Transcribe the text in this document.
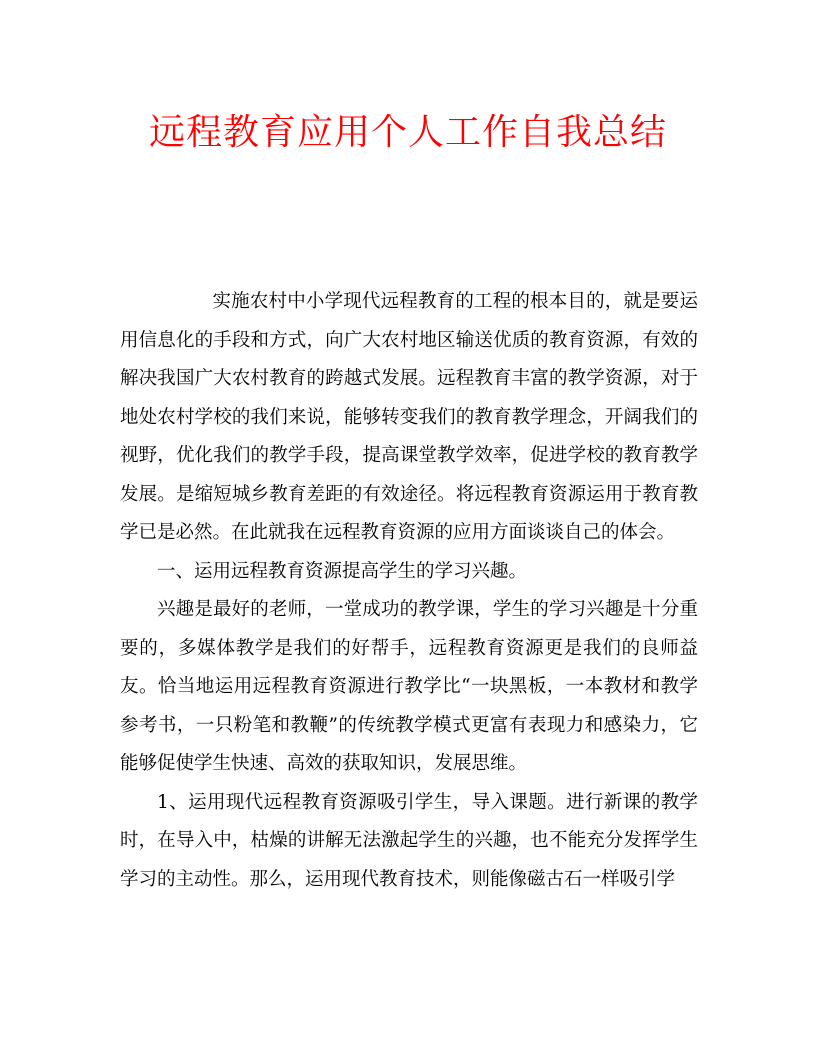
远程教育应用个人工作自我总结

实施农村中小学现代远程教育的工程的根本目的，就是要运用信息化的手段和方式，向广大农村地区输送优质的教育资源，有效的解决我国广大农村教育的跨越式发展。远程教育丰富的教学资源，对于地处农村学校的我们来说，能够转变我们的教育教学理念，开阔我们的视野，优化我们的教学手段，提高课堂教学效率，促进学校的教育教学发展。是缩短城乡教育差距的有效途径。将远程教育资源运用于教育教学已是必然。在此就我在远程教育资源的应用方面谈谈自己的体会。

一、运用远程教育资源提高学生的学习兴趣。

兴趣是最好的老师，一堂成功的教学课，学生的学习兴趣是十分重要的，多媒体教学是我们的好帮手，远程教育资源更是我们的良师益友。恰当地运用远程教育资源进行教学比“一块黑板，一本教材和教学参考书，一只粉笔和教鞭”的传统教学模式更富有表现力和感染力，它能够促使学生快速、高效的获取知识，发展思维。

1、运用现代远程教育资源吸引学生，导入课题。进行新课的教学时，在导入中，枯燥的讲解无法激起学生的兴趣，也不能充分发挥学生学习的主动性。那么，运用现代教育技术，则能像磁古石一样吸引学
